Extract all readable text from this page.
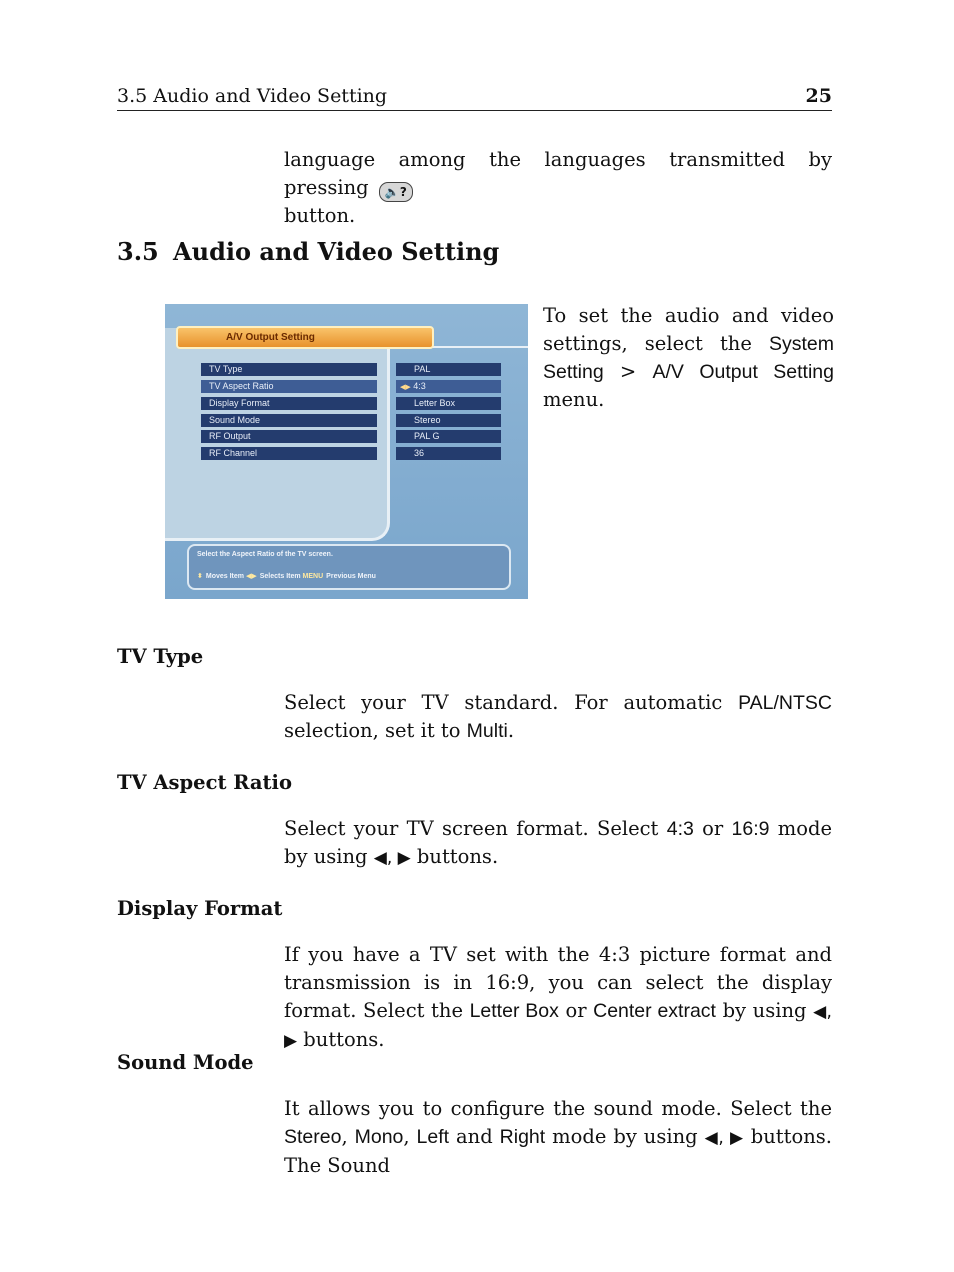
3.5 Audio and Video Setting	25
language among the languages transmitted by pressing 🔈?
button.
3.5 Audio and Video Setting
A/V Output Setting
TV Type
TV Aspect Ratio
Display Format
Sound Mode
RF Output
RF Channel
PAL
◀▶ 4:3
Letter Box
Stereo
PAL G
36
Select the Aspect Ratio of the TV screen.
⬍ Moves Item ◀▶ Selects Item MENU Previous Menu
To set the audio and video settings, select the System Setting > A/V Output Setting menu.
TV Type
Select your TV standard. For automatic PAL/NTSC selection, set it to Multi.
TV Aspect Ratio
Select your TV screen format. Select 4:3 or 16:9 mode by using ◀, ▶ buttons.
Display Format
If you have a TV set with the 4:3 picture format and transmission is in 16:9, you can select the display format. Select the Letter Box or Center extract by using ◀, ▶ buttons.
Sound Mode
It allows you to configure the sound mode. Select the Stereo, Mono, Left and Right mode by using ◀, ▶ buttons. The Sound
